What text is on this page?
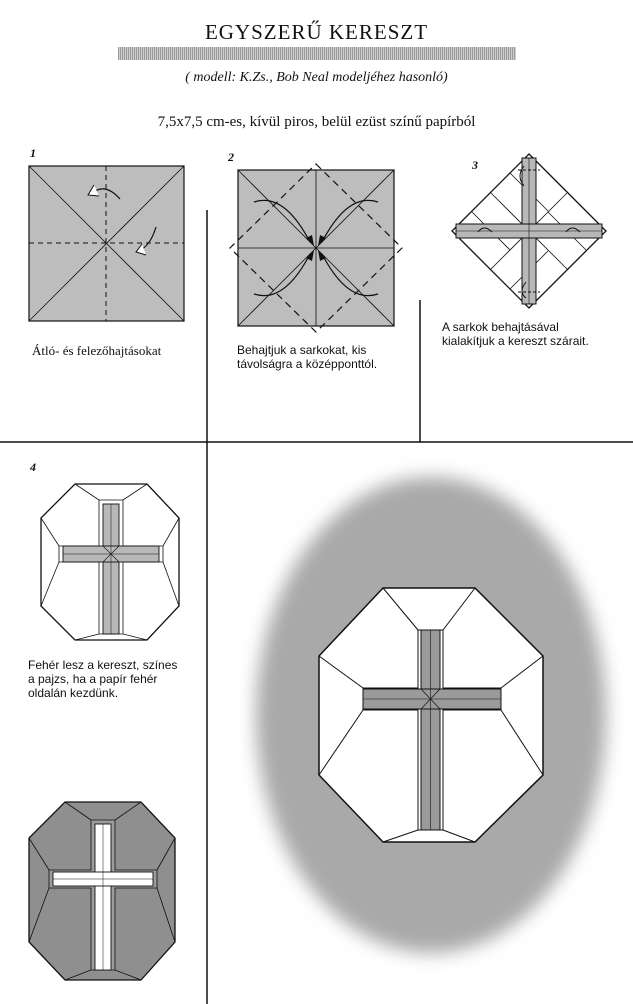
EGYSZERŰ KERESZT
( modell: K.Zs., Bob Neal modeljéhez hasonló)
7,5x7,5 cm-es, kívül piros, belül ezüst színű papírból
1
Átló- és felezőhajtásokat
2
Behajtjuk a sarkokat, kis
távolságra a középponttól.
3
A sarkok behajtásával
kialakítjuk a kereszt szárait.
4
Fehér lesz a kereszt, színes
a pajzs, ha a papír fehér
oldalán kezdünk.
